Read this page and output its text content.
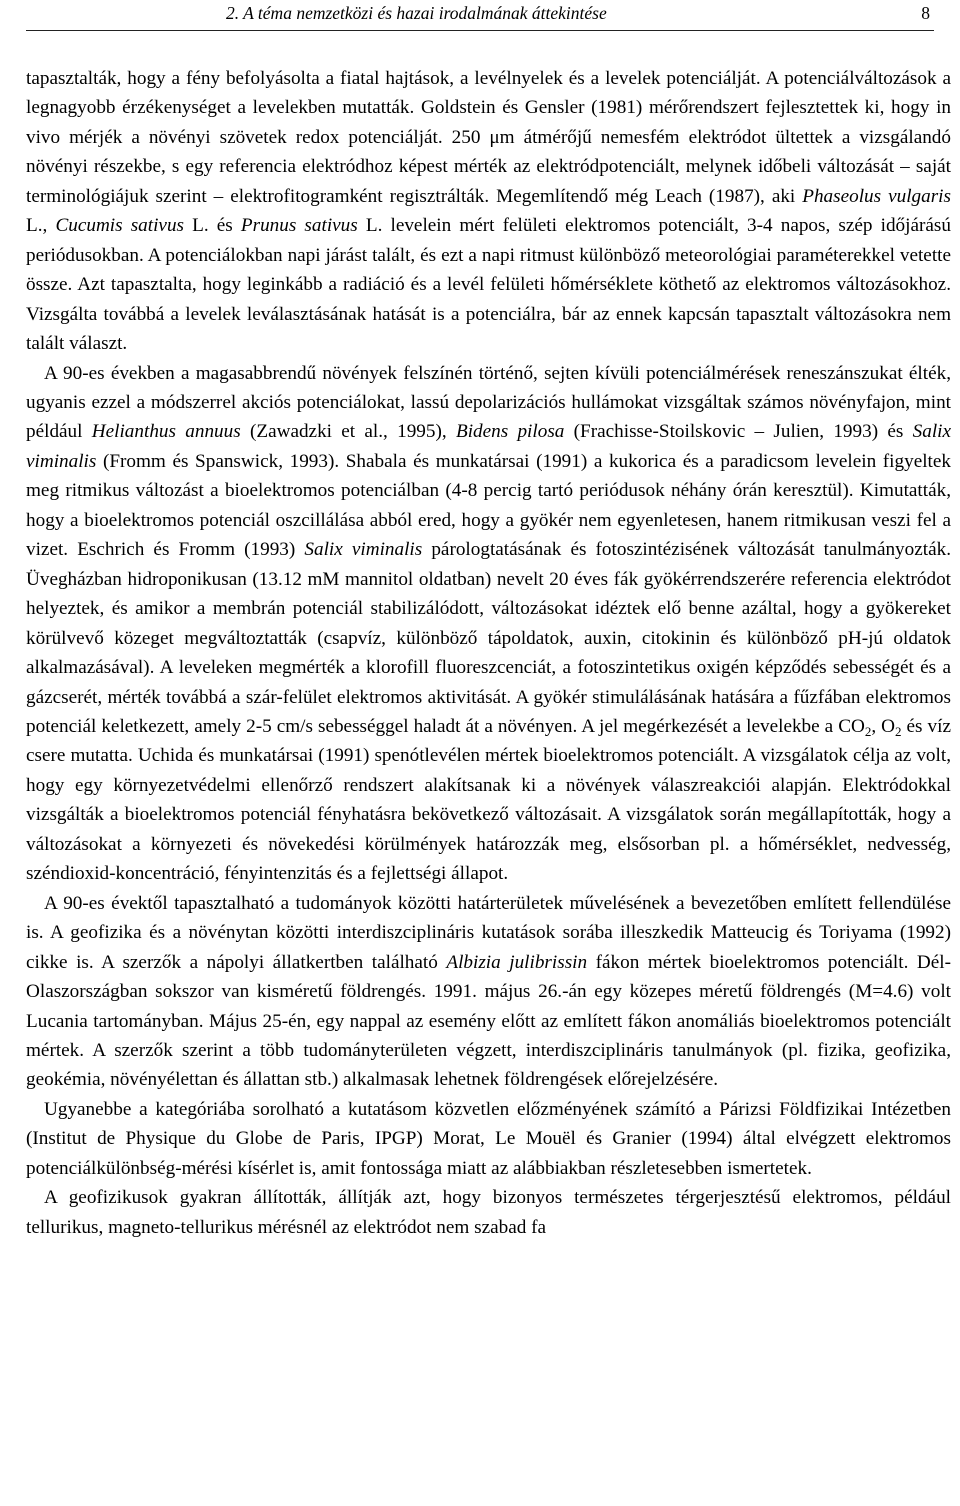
2. A téma nemzetközi és hazai irodalmának áttekintése	8

tapasztalták, hogy a fény befolyásolta a fiatal hajtások, a levélnyelek és a levelek potenciálját. A potenciálváltozások a legnagyobb érzékenységet a levelekben mutatták. Goldstein és Gensler (1981) mérőrendszert fejlesztettek ki, hogy in vivo mérjék a növényi szövetek redox potenciálját. 250 μm átmérőjű nemesfém elektródot ültettek a vizsgálandó növényi részekbe, s egy referencia elektródhoz képest mérték az elektródpotenciált, melynek időbeli változását – saját terminológiájuk szerint – elektrofitogramként regisztrálták. Megemlítendő még Leach (1987), aki Phaseolus vulgaris L., Cucumis sativus L. és Prunus sativus L. levelein mért felületi elektromos potenciált, 3-4 napos, szép időjárású periódusokban. A potenciálokban napi járást talált, és ezt a napi ritmust különböző meteorológiai paraméterekkel vetette össze. Azt tapasztalta, hogy leginkább a radiáció és a levél felületi hőmérséklete köthető az elektromos változásokhoz. Vizsgálta továbbá a levelek leválasztásának hatását is a potenciálra, bár az ennek kapcsán tapasztalt változásokra nem talált választ.

A 90-es években a magasabbrendű növények felszínén történő, sejten kívüli potenciálmérések reneszánszukat élték, ugyanis ezzel a módszerrel akciós potenciálokat, lassú depolarizációs hullámokat vizsgáltak számos növényfajon, mint például Helianthus annuus (Zawadzki et al., 1995), Bidens pilosa (Frachisse-Stoilskovic – Julien, 1993) és Salix viminalis (Fromm és Spanswick, 1993). Shabala és munkatársai (1991) a kukorica és a paradicsom levelein figyeltek meg ritmikus változást a bioelektromos potenciálban (4-8 percig tartó periódusok néhány órán keresztül). Kimutatták, hogy a bioelektromos potenciál oszcillálása abból ered, hogy a gyökér nem egyenletesen, hanem ritmikusan veszi fel a vizet. Eschrich és Fromm (1993) Salix viminalis párologtatásának és fotoszintézisének változását tanulmányozták. Üvegházban hidroponikusan (13.12 mM mannitol oldatban) nevelt 20 éves fák gyökérrendszerére referencia elektródot helyeztek, és amikor a membrán potenciál stabilizálódott, változásokat idéztek elő benne azáltal, hogy a gyökereket körülvevő közeget megváltoztatták (csapvíz, különböző tápoldatok, auxin, citokinin és különböző pH-jú oldatok alkalmazásával). A leveleken megmérték a klorofill fluoreszcenciát, a fotoszintetikus oxigén képződés sebességét és a gázcserét, mérték továbbá a szár-felület elektromos aktivitását. A gyökér stimulálásának hatására a fűzfában elektromos potenciál keletkezett, amely 2-5 cm/s sebességgel haladt át a növényen. A jel megérkezését a levelekbe a $CO_2$, $O_2$ és víz csere mutatta. Uchida és munkatársai (1991) spenótlevélen mértek bioelektromos potenciált. A vizsgálatok célja az volt, hogy egy környezetvédelmi ellenőrző rendszert alakítsanak ki a növények válaszreakciói alapján. Elektródokkal vizsgálták a bioelektromos potenciál fényhatásra bekövetkező változásait. A vizsgálatok során megállapították, hogy a változásokat a környezeti és növekedési körülmények határozzák meg, elsősorban pl. a hőmérséklet, nedvesség, széndioxid-koncentráció, fényintenzitás és a fejlettségi állapot.

A 90-es évektől tapasztalható a tudományok közötti határterületek művelésének a bevezetőben említett fellendülése is. A geofizika és a növénytan közötti interdiszciplináris kutatások sorába illeszkedik Matteucig és Toriyama (1992) cikke is. A szerzők a nápolyi állatkertben található Albizia julibrissin fákon mértek bioelektromos potenciált. Dél-Olaszországban sokszor van kisméretű földrengés. 1991. május 26.-án egy közepes méretű földrengés (M=4.6) volt Lucania tartományban. Május 25-én, egy nappal az esemény előtt az említett fákon anomáliás bioelektromos potenciált mértek. A szerzők szerint a több tudományterületen végzett, interdiszciplináris tanulmányok (pl. fizika, geofizika, geokémia, növényélettan és állattan stb.) alkalmasak lehetnek földrengések előrejelzésére.

Ugyanebbe a kategóriába sorolható a kutatásom közvetlen előzményének számító a Párizsi Földfizikai Intézetben (Institut de Physique du Globe de Paris, IPGP) Morat, Le Mouël és Granier (1994) által elvégzett elektromos potenciálkülönbség-mérési kísérlet is, amit fontossága miatt az alábbiakban részletesebben ismertetek.

A geofizikusok gyakran állították, állítják azt, hogy bizonyos természetes térgerjesztésű elektromos, például tellurikus, magneto-tellurikus mérésnél az elektródot nem szabad fa
